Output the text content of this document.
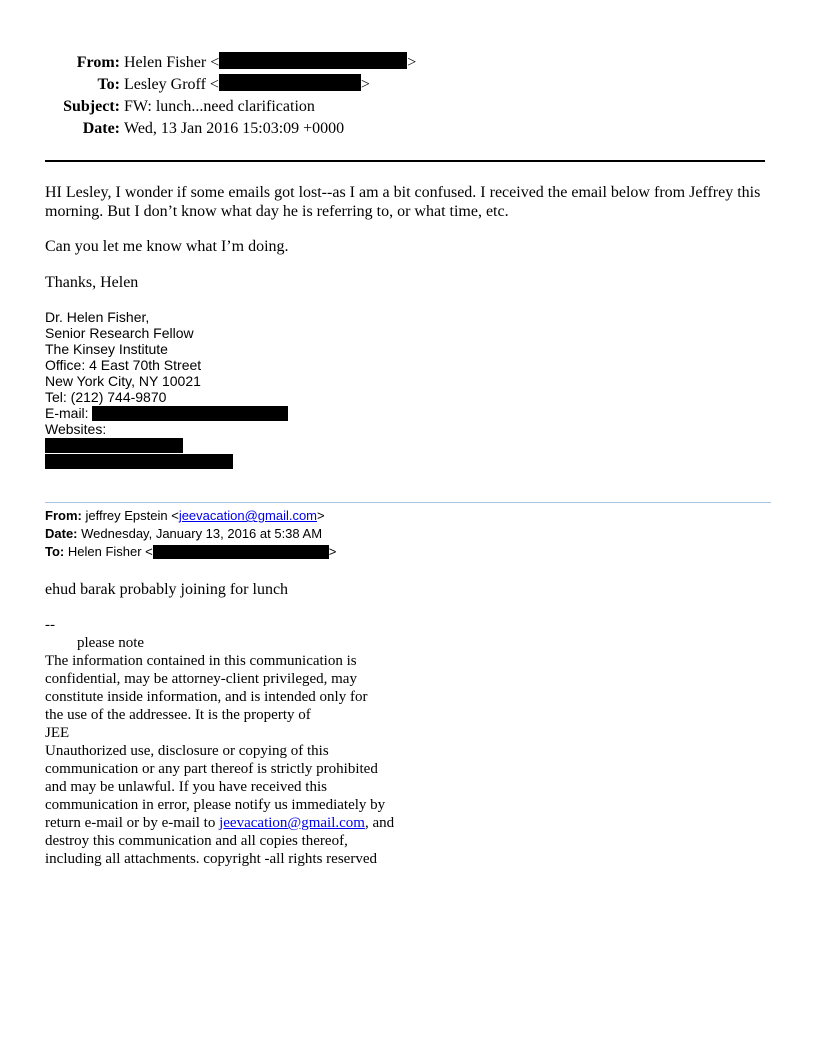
From: Helen Fisher <	>
To: Lesley Groff <	>
Subject: FW: lunch...need clarification
Date: Wed, 13 Jan 2016 15:03:09 +0000
HI Lesley, I wonder if some emails got lost--as I am a bit confused. I received the email below from Jeffrey this morning. But I don’t know what day he is referring to, or what time, etc.
Can you let me know what I’m doing.
Thanks, Helen
Dr. Helen Fisher,
Senior Research Fellow
The Kinsey Institute
Office: 4 East 70th Street
New York City, NY 10021
Tel: (212) 744-9870
E-mail:
Websites:
From: jeffrey Epstein <jeevacation@gmail.com>
Date: Wednesday, January 13, 2016 at 5:38 AM
To: Helen Fisher <	>
ehud barak probably joining for lunch
--
please note
The information contained in this communication is
confidential, may be attorney-client privileged, may
constitute inside information, and is intended only for
the use of the addressee. It is the property of
JEE
Unauthorized use, disclosure or copying of this
communication or any part thereof is strictly prohibited
and may be unlawful. If you have received this
communication in error, please notify us immediately by
return e-mail or by e-mail to jeevacation@gmail.com, and
destroy this communication and all copies thereof,
including all attachments. copyright -all rights reserved
